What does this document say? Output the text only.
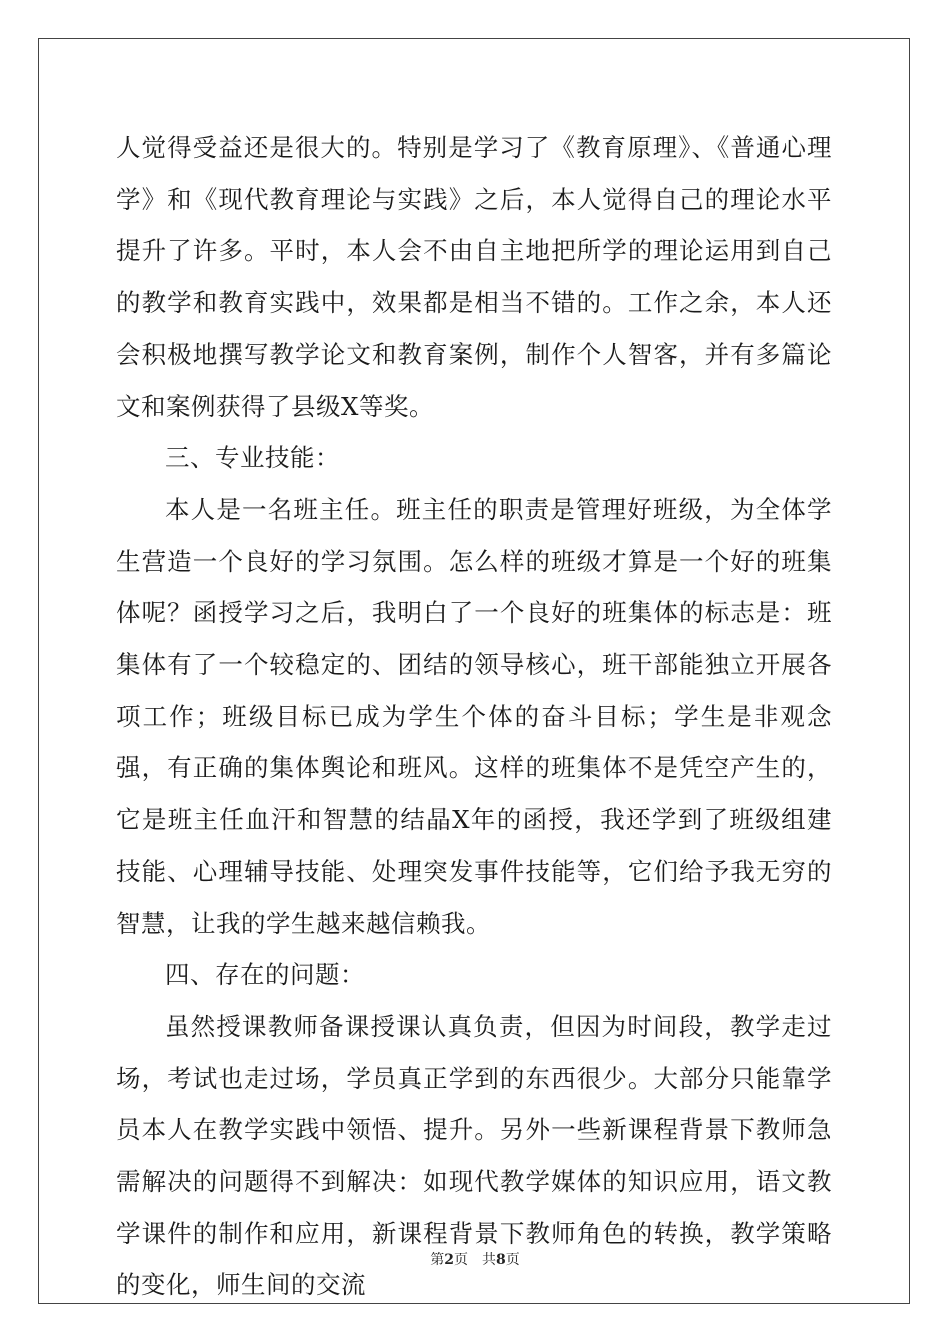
人觉得受益还是很大的。特别是学习了《教育原理》、《普通心理学》和《现代教育理论与实践》之后，本人觉得自己的理论水平提升了许多。平时，本人会不由自主地把所学的理论运用到自己的教学和教育实践中，效果都是相当不错的。工作之余，本人还会积极地撰写教学论文和教育案例，制作个人智客，并有多篇论文和案例获得了县级X等奖。

三、专业技能：

本人是一名班主任。班主任的职责是管理好班级，为全体学生营造一个良好的学习氛围。怎么样的班级才算是一个好的班集体呢？函授学习之后，我明白了一个良好的班集体的标志是：班集体有了一个较稳定的、团结的领导核心，班干部能独立开展各项工作；班级目标已成为学生个体的奋斗目标；学生是非观念强，有正确的集体舆论和班风。这样的班集体不是凭空产生的，它是班主任血汗和智慧的结晶X年的函授，我还学到了班级组建技能、心理辅导技能、处理突发事件技能等，它们给予我无穷的智慧，让我的学生越来越信赖我。

四、存在的问题：

虽然授课教师备课授课认真负责，但因为时间段，教学走过场，考试也走过场，学员真正学到的东西很少。大部分只能靠学员本人在教学实践中领悟、提升。另外一些新课程背景下教师急需解决的问题得不到解决：如现代教学媒体的知识应用，语文教学课件的制作和应用，新课程背景下教师角色的转换，教学策略的变化，师生间的交流

第2页 共8页
